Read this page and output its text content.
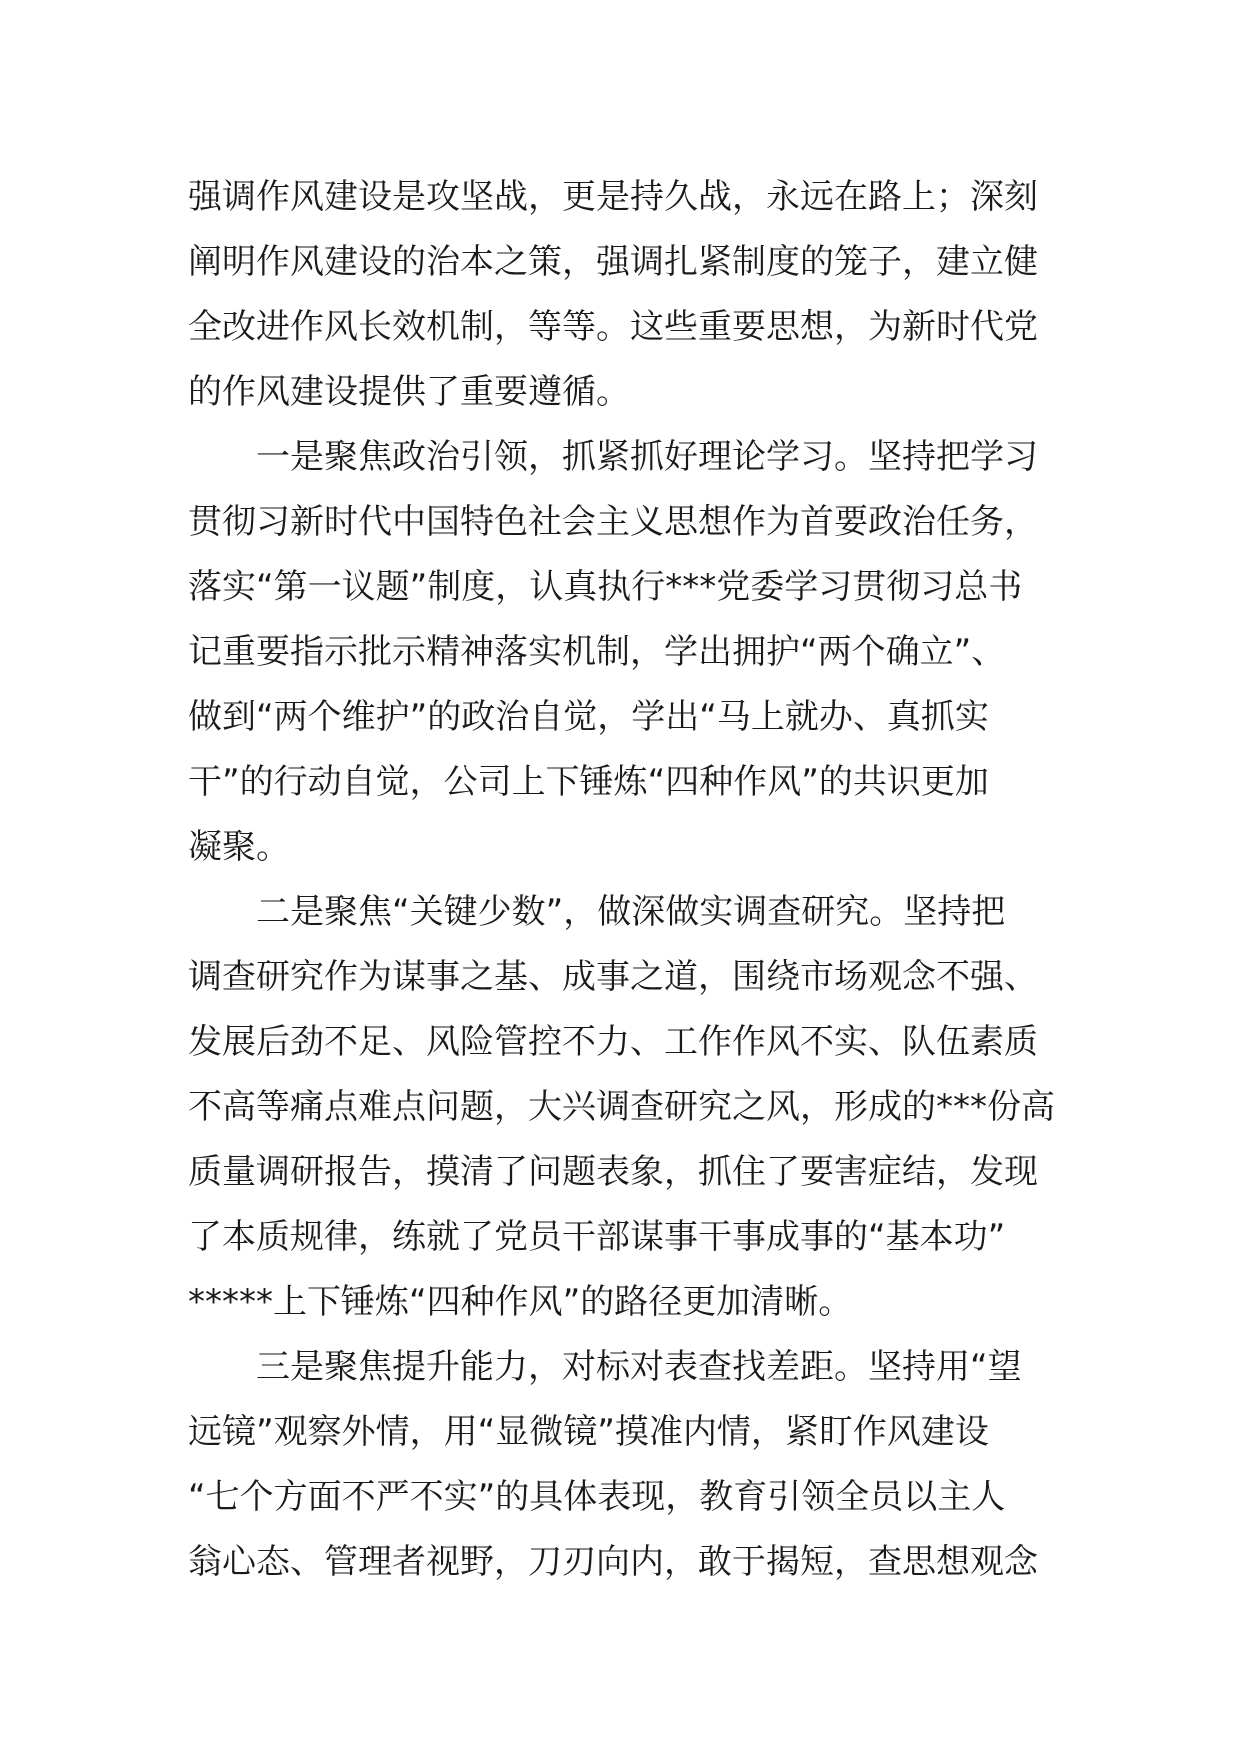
强调作风建设是攻坚战，更是持久战，永远在路上；深刻
阐明作风建设的治本之策，强调扎紧制度的笼子，建立健
全改进作风长效机制，等等。这些重要思想，为新时代党
的作风建设提供了重要遵循。
一是聚焦政治引领，抓紧抓好理论学习。坚持把学习
贯彻习新时代中国特色社会主义思想作为首要政治任务，
落实“第一议题”制度，认真执行***党委学习贯彻习总书
记重要指示批示精神落实机制，学出拥护“两个确立”、
做到“两个维护”的政治自觉，学出“马上就办、真抓实
干”的行动自觉，公司上下锤炼“四种作风”的共识更加
凝聚。
二是聚焦“关键少数”，做深做实调查研究。坚持把
调查研究作为谋事之基、成事之道，围绕市场观念不强、
发展后劲不足、风险管控不力、工作作风不实、队伍素质
不高等痛点难点问题，大兴调查研究之风，形成的***份高
质量调研报告，摸清了问题表象，抓住了要害症结，发现
了本质规律，练就了党员干部谋事干事成事的“基本功”
*****上下锤炼“四种作风”的路径更加清晰。
三是聚焦提升能力，对标对表查找差距。坚持用“望
远镜”观察外情，用“显微镜”摸准内情，紧盯作风建设
“七个方面不严不实”的具体表现，教育引领全员以主人
翁心态、管理者视野，刀刃向内，敢于揭短，查思想观念
